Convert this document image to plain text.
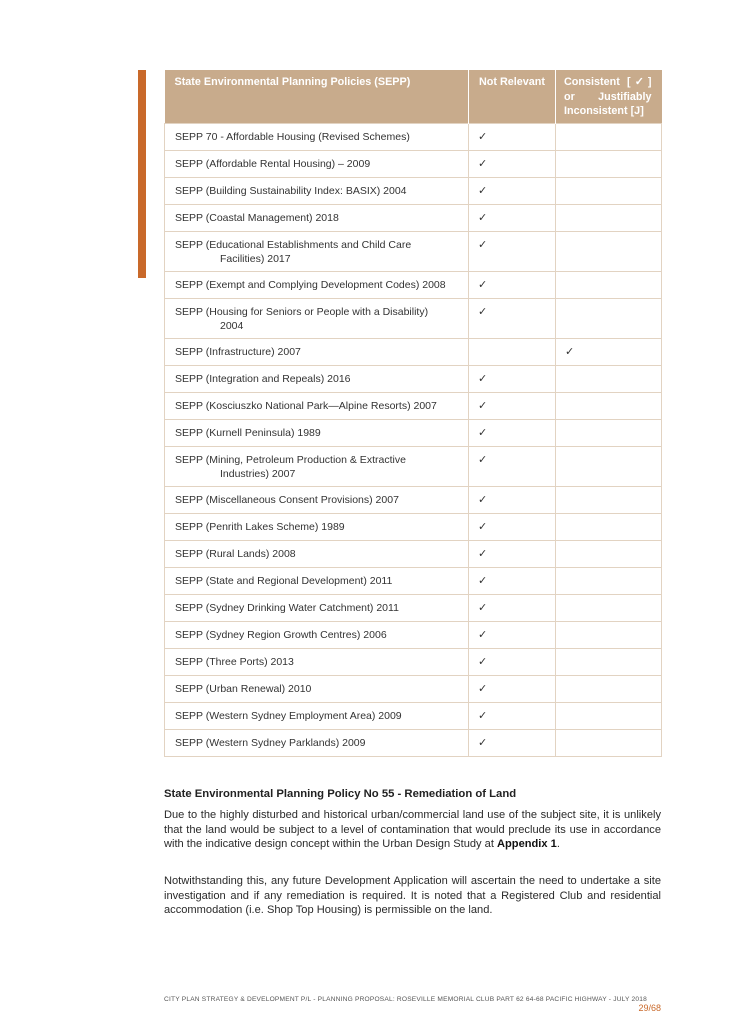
State Environmental Planning Policies (SEPP)	Not Relevant	Consistent [✓] or Justifiably Inconsistent [J]
SEPP 70 - Affordable Housing (Revised Schemes)	✓	
SEPP (Affordable Rental Housing) – 2009	✓	
SEPP (Building Sustainability Index: BASIX) 2004	✓	
SEPP (Coastal Management) 2018	✓	
SEPP (Educational Establishments and Child Care
Facilities) 2017	✓	
SEPP (Exempt and Complying Development Codes) 2008	✓	
SEPP (Housing for Seniors or People with a Disability)
2004	✓	
SEPP (Infrastructure) 2007		✓
SEPP (Integration and Repeals) 2016	✓	
SEPP (Kosciuszko National Park—Alpine Resorts) 2007	✓	
SEPP (Kurnell Peninsula) 1989	✓	
SEPP (Mining, Petroleum Production & Extractive
Industries) 2007	✓	
SEPP (Miscellaneous Consent Provisions) 2007	✓	
SEPP (Penrith Lakes Scheme) 1989	✓	
SEPP (Rural Lands) 2008	✓	
SEPP (State and Regional Development) 2011	✓	
SEPP (Sydney Drinking Water Catchment) 2011	✓	
SEPP (Sydney Region Growth Centres) 2006	✓	
SEPP (Three Ports) 2013	✓	
SEPP (Urban Renewal) 2010	✓	
SEPP (Western Sydney Employment Area) 2009	✓	
SEPP (Western Sydney Parklands) 2009	✓	
State Environmental Planning Policy No 55 - Remediation of Land

Due to the highly disturbed and historical urban/commercial land use of the subject site, it is unlikely that the land would be subject to a level of contamination that would preclude its use in accordance with the indicative design concept within the Urban Design Study at Appendix 1.

Notwithstanding this, any future Development Application will ascertain the need to undertake a site investigation and if any remediation is required. It is noted that a Registered Club and residential accommodation (i.e. Shop Top Housing) is permissible on the land.

CITY PLAN STRATEGY & DEVELOPMENT P/L - PLANNING PROPOSAL: ROSEVILLE MEMORIAL CLUB PART 62 64-68 PACIFIC HIGHWAY - JULY 2018
29/68
